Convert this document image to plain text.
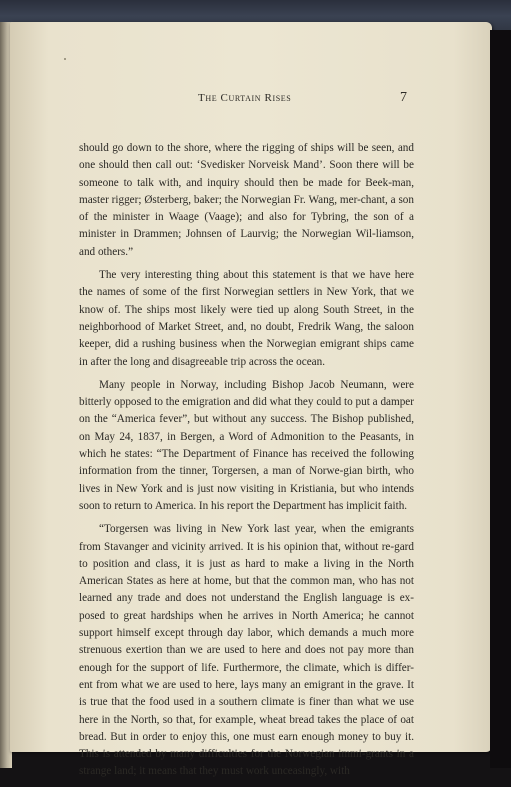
The Curtain Rises	7

should go down to the shore, where the rigging of ships will be seen, and one should then call out: ‘Svedisker Norveisk Mand’. Soon there will be someone to talk with, and inquiry should then be made for Beek-man, master rigger; Østerberg, baker; the Norwegian Fr. Wang, mer-chant, a son of the minister in Waage (Vaage); and also for Tybring, the son of a minister in Drammen; Johnsen of Laurvig; the Norwegian Wil-liamson, and others.”

The very interesting thing about this statement is that we have here the names of some of the first Norwegian settlers in New York, that we know of. The ships most likely were tied up along South Street, in the neighborhood of Market Street, and, no doubt, Fredrik Wang, the saloon keeper, did a rushing business when the Norwegian emigrant ships came in after the long and disagreeable trip across the ocean.

Many people in Norway, including Bishop Jacob Neumann, were bitterly opposed to the emigration and did what they could to put a damper on the “America fever”, but without any success. The Bishop published, on May 24, 1837, in Bergen, a Word of Admonition to the Peasants, in which he states: “The Department of Finance has received the following information from the tinner, Torgersen, a man of Norwe-gian birth, who lives in New York and is just now visiting in Kristiania, but who intends soon to return to America. In his report the Department has implicit faith.

“Torgersen was living in New York last year, when the emigrants from Stavanger and vicinity arrived. It is his opinion that, without re-gard to position and class, it is just as hard to make a living in the North American States as here at home, but that the common man, who has not learned any trade and does not understand the English language is ex-posed to great hardships when he arrives in North America; he cannot support himself except through day labor, which demands a much more strenuous exertion than we are used to here and does not pay more than enough for the support of life. Furthermore, the climate, which is differ-ent from what we are used to here, lays many an emigrant in the grave. It is true that the food used in a southern climate is finer than what we use here in the North, so that, for example, wheat bread takes the place of oat bread. But in order to enjoy this, one must earn enough money to buy it. This is attended by many difficulties for the Norwegian immi-grants in a strange land; it means that they must work unceasingly, with
